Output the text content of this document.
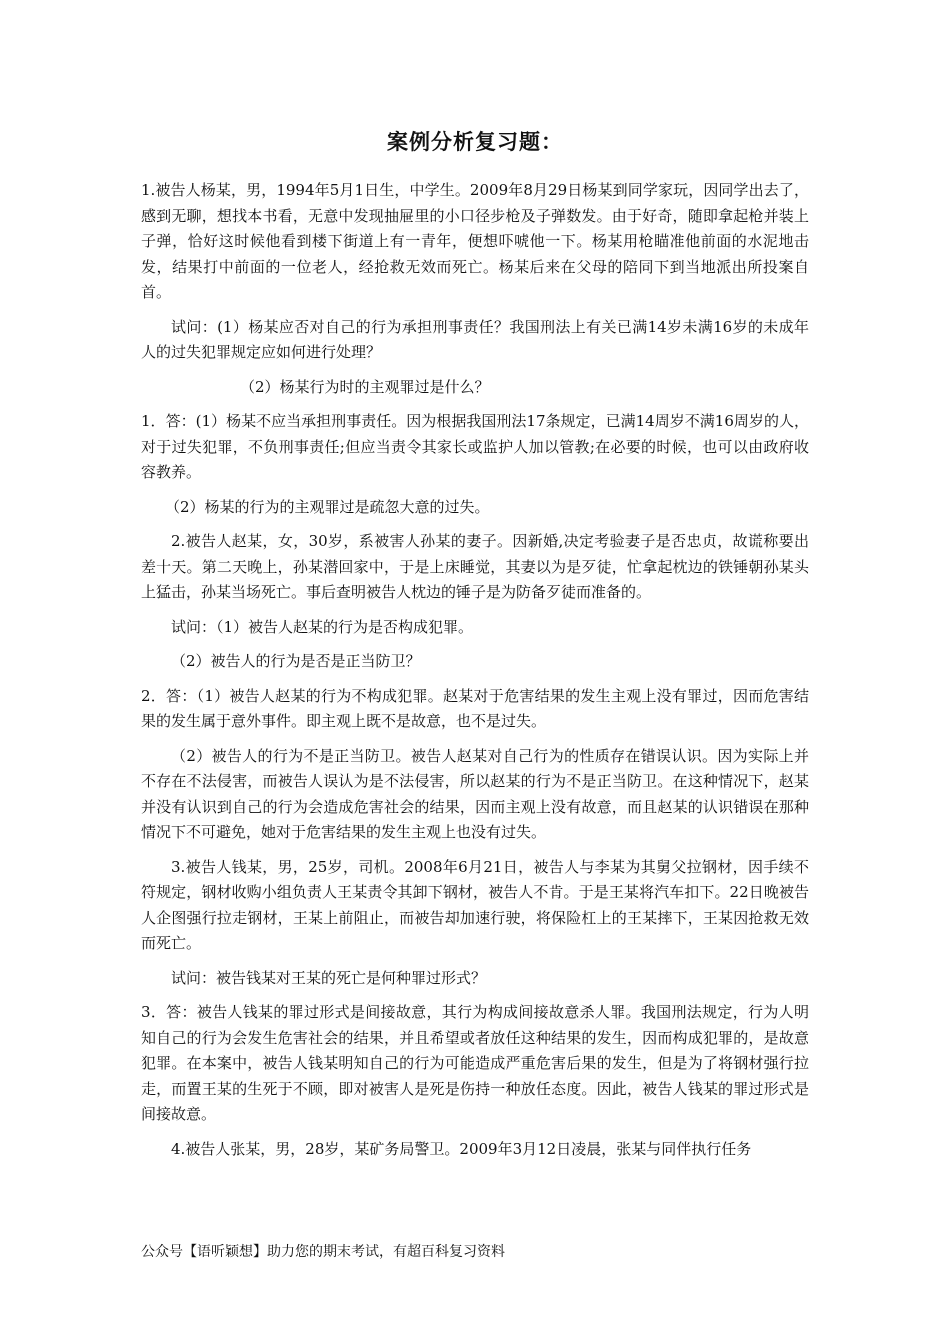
案例分析复习题：

1.被告人杨某，男，1994年5月1日生，中学生。2009年8月29日杨某到同学家玩，因同学出去了，感到无聊，想找本书看，无意中发现抽屉里的小口径步枪及子弹数发。由于好奇，随即拿起枪并装上子弹，恰好这时候他看到楼下街道上有一青年，便想吓唬他一下。杨某用枪瞄准他前面的水泥地击发，结果打中前面的一位老人，经抢救无效而死亡。杨某后来在父母的陪同下到当地派出所投案自首。

试问：(1）杨某应否对自己的行为承担刑事责任？我国刑法上有关已满14岁未满16岁的未成年人的过失犯罪规定应如何进行处理？

（2）杨某行为时的主观罪过是什么？

1．答：(1）杨某不应当承担刑事责任。因为根据我国刑法17条规定，已满14周岁不满16周岁的人，对于过失犯罪，不负刑事责任;但应当责令其家长或监护人加以管教;在必要的时候，也可以由政府收容教养。

（2）杨某的行为的主观罪过是疏忽大意的过失。

2.被告人赵某，女，30岁，系被害人孙某的妻子。因新婚,决定考验妻子是否忠贞，故谎称要出差十天。第二天晚上，孙某潜回家中，于是上床睡觉，其妻以为是歹徒，忙拿起枕边的铁锤朝孙某头上猛击，孙某当场死亡。事后查明被告人枕边的锤子是为防备歹徒而准备的。

试问：（1）被告人赵某的行为是否构成犯罪。

（2）被告人的行为是否是正当防卫？

2．答：（1）被告人赵某的行为不构成犯罪。赵某对于危害结果的发生主观上没有罪过，因而危害结果的发生属于意外事件。即主观上既不是故意，也不是过失。

（2）被告人的行为不是正当防卫。被告人赵某对自己行为的性质存在错误认识。因为实际上并不存在不法侵害，而被告人误认为是不法侵害，所以赵某的行为不是正当防卫。在这种情况下，赵某并没有认识到自己的行为会造成危害社会的结果，因而主观上没有故意，而且赵某的认识错误在那种情况下不可避免，她对于危害结果的发生主观上也没有过失。

3.被告人钱某，男，25岁，司机。2008年6月21日，被告人与李某为其舅父拉钢材，因手续不符规定，钢材收购小组负责人王某责令其卸下钢材，被告人不肯。于是王某将汽车扣下。22日晚被告人企图强行拉走钢材，王某上前阻止，而被告却加速行驶，将保险杠上的王某摔下，王某因抢救无效而死亡。

试问：被告钱某对王某的死亡是何种罪过形式？

3．答：被告人钱某的罪过形式是间接故意，其行为构成间接故意杀人罪。我国刑法规定，行为人明知自己的行为会发生危害社会的结果，并且希望或者放任这种结果的发生，因而构成犯罪的，是故意犯罪。在本案中，被告人钱某明知自己的行为可能造成严重危害后果的发生，但是为了将钢材强行拉走，而置王某的生死于不顾，即对被害人是死是伤持一种放任态度。因此，被告人钱某的罪过形式是间接故意。

4.被告人张某，男，28岁，某矿务局警卫。2009年3月12日凌晨，张某与同伴执行任务

公众号【语听颖想】助力您的期末考试，有超百科复习资料
